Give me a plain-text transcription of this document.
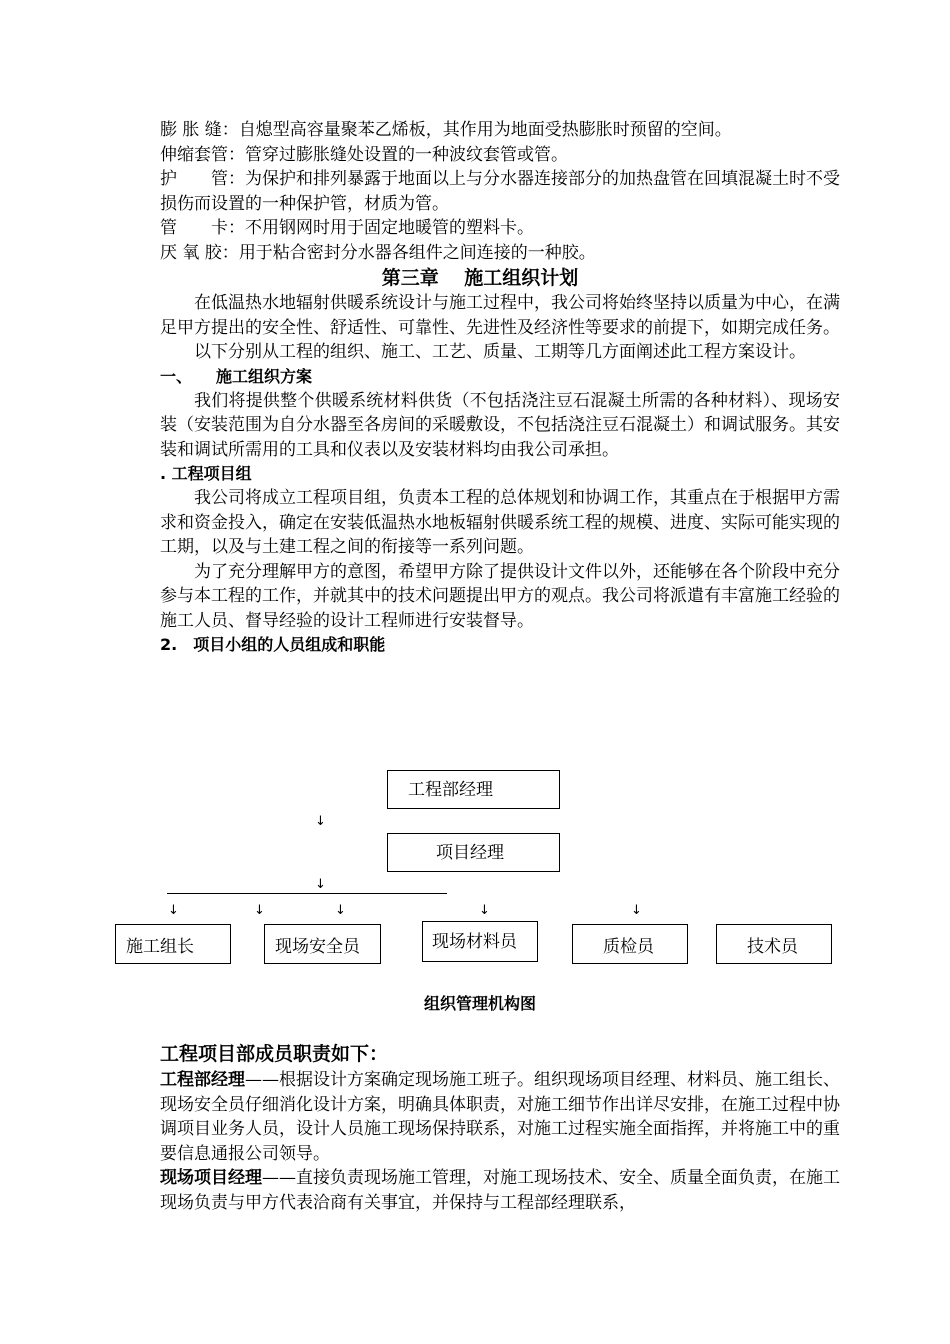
膨 胀 缝：自熄型高容量聚苯乙烯板，其作用为地面受热膨胀时预留的空间。

伸缩套管：管穿过膨胀缝处设置的一种波纹套管或管。

护　　管：为保护和排列暴露于地面以上与分水器连接部分的加热盘管在回填混凝土时不受损伤而设置的一种保护管，材质为管。

管　　卡：不用钢网时用于固定地暖管的塑料卡。

厌 氧 胶：用于粘合密封分水器各组件之间连接的一种胶。

第三章　 施工组织计划

在低温热水地辐射供暖系统设计与施工过程中，我公司将始终坚持以质量为中心，在满足甲方提出的安全性、舒适性、可靠性、先进性及经济性等要求的前提下，如期完成任务。

以下分别从工程的组织、施工、工艺、质量、工期等几方面阐述此工程方案设计。

一、　　施工组织方案

我们将提供整个供暖系统材料供货（不包括浇注豆石混凝土所需的各种材料）、现场安装（安装范围为自分水器至各房间的采暖敷设，不包括浇注豆石混凝土）和调试服务。其安装和调试所需用的工具和仪表以及安装材料均由我公司承担。

. 工程项目组

我公司将成立工程项目组，负责本工程的总体规划和协调工作，其重点在于根据甲方需求和资金投入，确定在安装低温热水地板辐射供暖系统工程的规模、进度、实际可能实现的工期，以及与土建工程之间的衔接等一系列问题。

为了充分理解甲方的意图，希望甲方除了提供设计文件以外，还能够在各个阶段中充分参与本工程的工作，并就其中的技术问题提出甲方的观点。我公司将派遣有丰富施工经验的施工人员、督导经验的设计工程师进行安装督导。

2.　项目小组的人员组成和职能

工程部经理
↓
项目经理
↓
↓	↓	↓	↓	↓
施工组长	现场安全员	现场材料员	质检员	技术员
组织管理机构图

工程项目部成员职责如下：

工程部经理——根据设计方案确定现场施工班子。组织现场项目经理、材料员、施工组长、现场安全员仔细消化设计方案，明确具体职责，对施工细节作出详尽安排，在施工过程中协调项目业务人员，设计人员施工现场保持联系，对施工过程实施全面指挥，并将施工中的重要信息通报公司领导。

现场项目经理——直接负责现场施工管理，对施工现场技术、安全、质量全面负责，在施工现场负责与甲方代表洽商有关事宜，并保持与工程部经理联系，
